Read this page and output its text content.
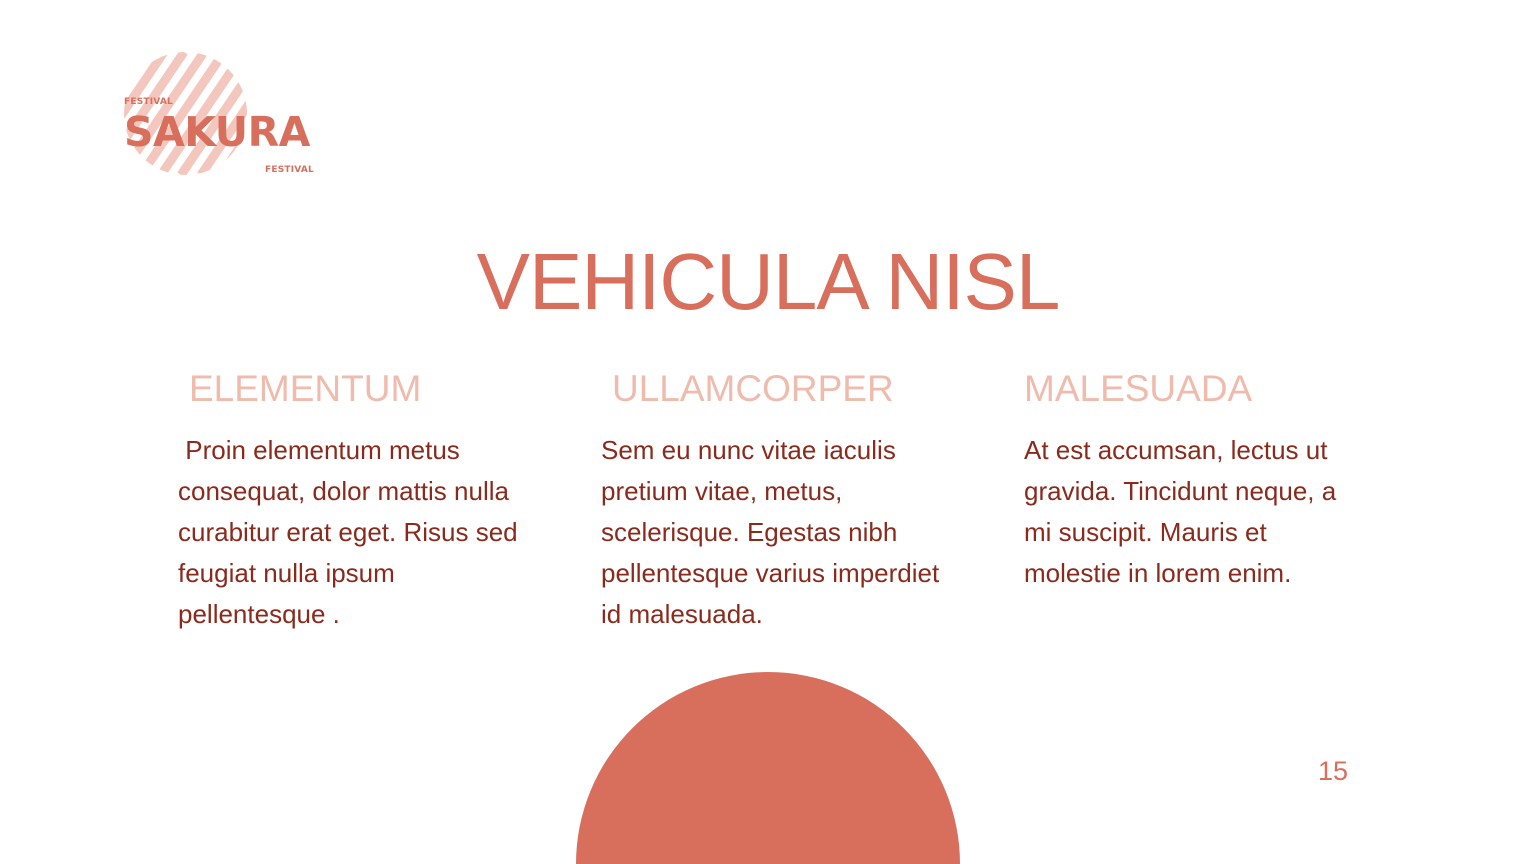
FESTIVAL
SAKURA
FESTIVAL
VEHICULA NISL
ELEMENTUM

Proin elementum metus consequat, dolor mattis nulla curabitur erat eget. Risus sed feugiat nulla ipsum pellentesque .

ULLAMCORPER

Sem eu nunc vitae iaculis pretium vitae, metus, scelerisque. Egestas nibh pellentesque varius imperdiet id malesuada.

MALESUADA

At est accumsan, lectus ut gravida. Tincidunt neque, a mi suscipit. Mauris et molestie in lorem enim.

15
